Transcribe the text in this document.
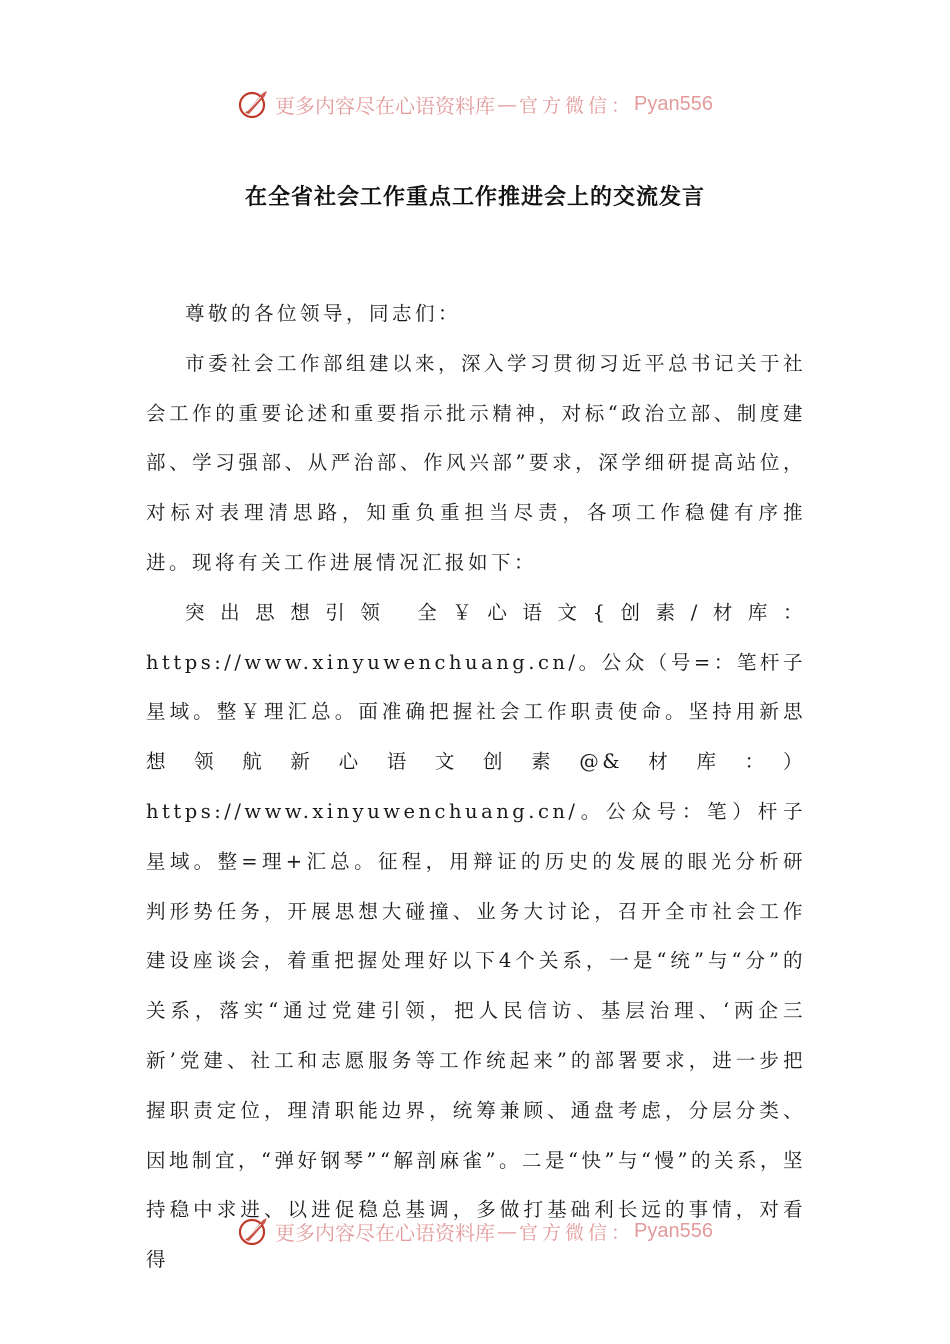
更多内容尽在心语资料库 — 官方微信： Pyan556
在全省社会工作重点工作推进会上的交流发言

尊敬的各位领导，同志们：

市委社会工作部组建以来，深入学习贯彻习近平总书记关于社会工作的重要论述和重要指示批示精神，对标“政治立部、制度建部、学习强部、从严治部、作风兴部”要求，深学细研提高站位，对标对表理清思路，知重负重担当尽责，各项工作稳健有序推进。现将有关工作进展情况汇报如下：

突出思想引领 全￥心语文{创素/材库：https://www.xinyuwenchuang.cn/。公众（号=：笔杆子星域。整￥理汇总。面准确把握社会工作职责使命。坚持用新思想领航新心语文创素@&材库：）https://www.xinyuwenchuang.cn/。公众号：笔）杆子星域。整=理+汇总。征程，用辩证的历史的发展的眼光分析研判形势任务，开展思想大碰撞、业务大讨论，召开全市社会工作建设座谈会，着重把握处理好以下4个关系，一是“统”与“分”的关系，落实“通过党建引领，把人民信访、基层治理、‘两企三新’党建、社工和志愿服务等工作统起来”的部署要求，进一步把握职责定位，理清职能边界，统筹兼顾、通盘考虑，分层分类、因地制宜，“弹好钢琴”“解剖麻雀”。二是“快”与“慢”的关系，坚持稳中求进、以进促稳总基调，多做打基础利长远的事情，对看得

更多内容尽在心语资料库 — 官方微信： Pyan556
